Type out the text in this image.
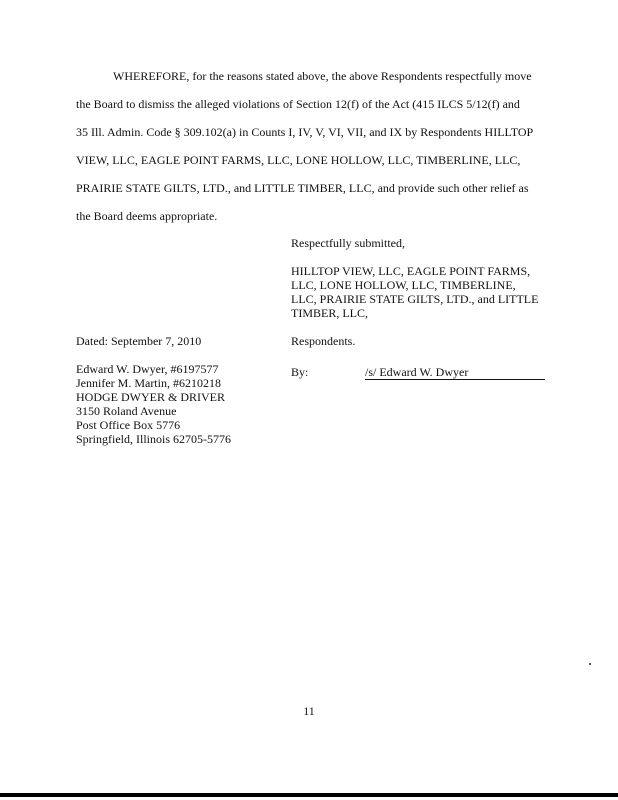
WHEREFORE, for the reasons stated above, the above Respondents respectfully move
the Board to dismiss the alleged violations of Section 12(f) of the Act (415 ILCS 5/12(f) and
35 Ill. Admin. Code § 309.102(a) in Counts I, IV, V, VI, VII, and IX by Respondents HILLTOP
VIEW, LLC, EAGLE POINT FARMS, LLC, LONE HOLLOW, LLC, TIMBERLINE, LLC,
PRAIRIE STATE GILTS, LTD., and LITTLE TIMBER, LLC, and provide such other relief as
the Board deems appropriate.
Respectfully submitted,
HILLTOP VIEW, LLC, EAGLE POINT FARMS,
LLC, LONE HOLLOW, LLC, TIMBERLINE,
LLC, PRAIRIE STATE GILTS, LTD., and LITTLE
TIMBER, LLC,
Respondents.
By:	/s/ Edward W. Dwyer
Dated: September 7, 2010
Edward W. Dwyer, #6197577
Jennifer M. Martin, #6210218
HODGE DWYER & DRIVER
3150 Roland Avenue
Post Office Box 5776
Springfield, Illinois 62705-5776
11
